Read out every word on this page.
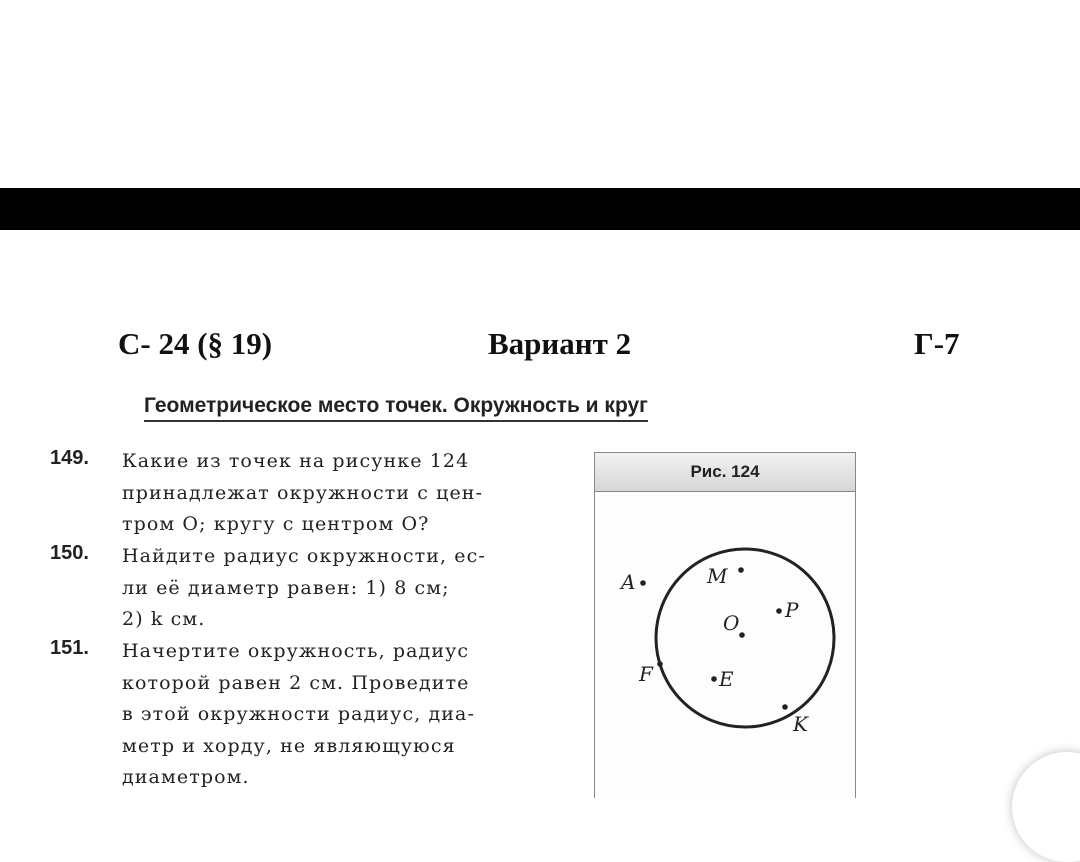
С- 24 (§ 19)	Вариант 2	Г-7
Геометрическое место точек. Окружность и круг
149. Какие из точек на рисунке 124
принадлежат окружности с цен-
тром O; кругу с центром O?
150. Найдите радиус окружности, ес-
ли её диаметр равен: 1) 8 см;
2) k см.
151. Начертите окружность, радиус
которой равен 2 см. Проведите
в этой окружности радиус, диа-
метр и хорду, не являющуюся
диаметром.
Рис. 124
A	M
O
P
F	E
K
